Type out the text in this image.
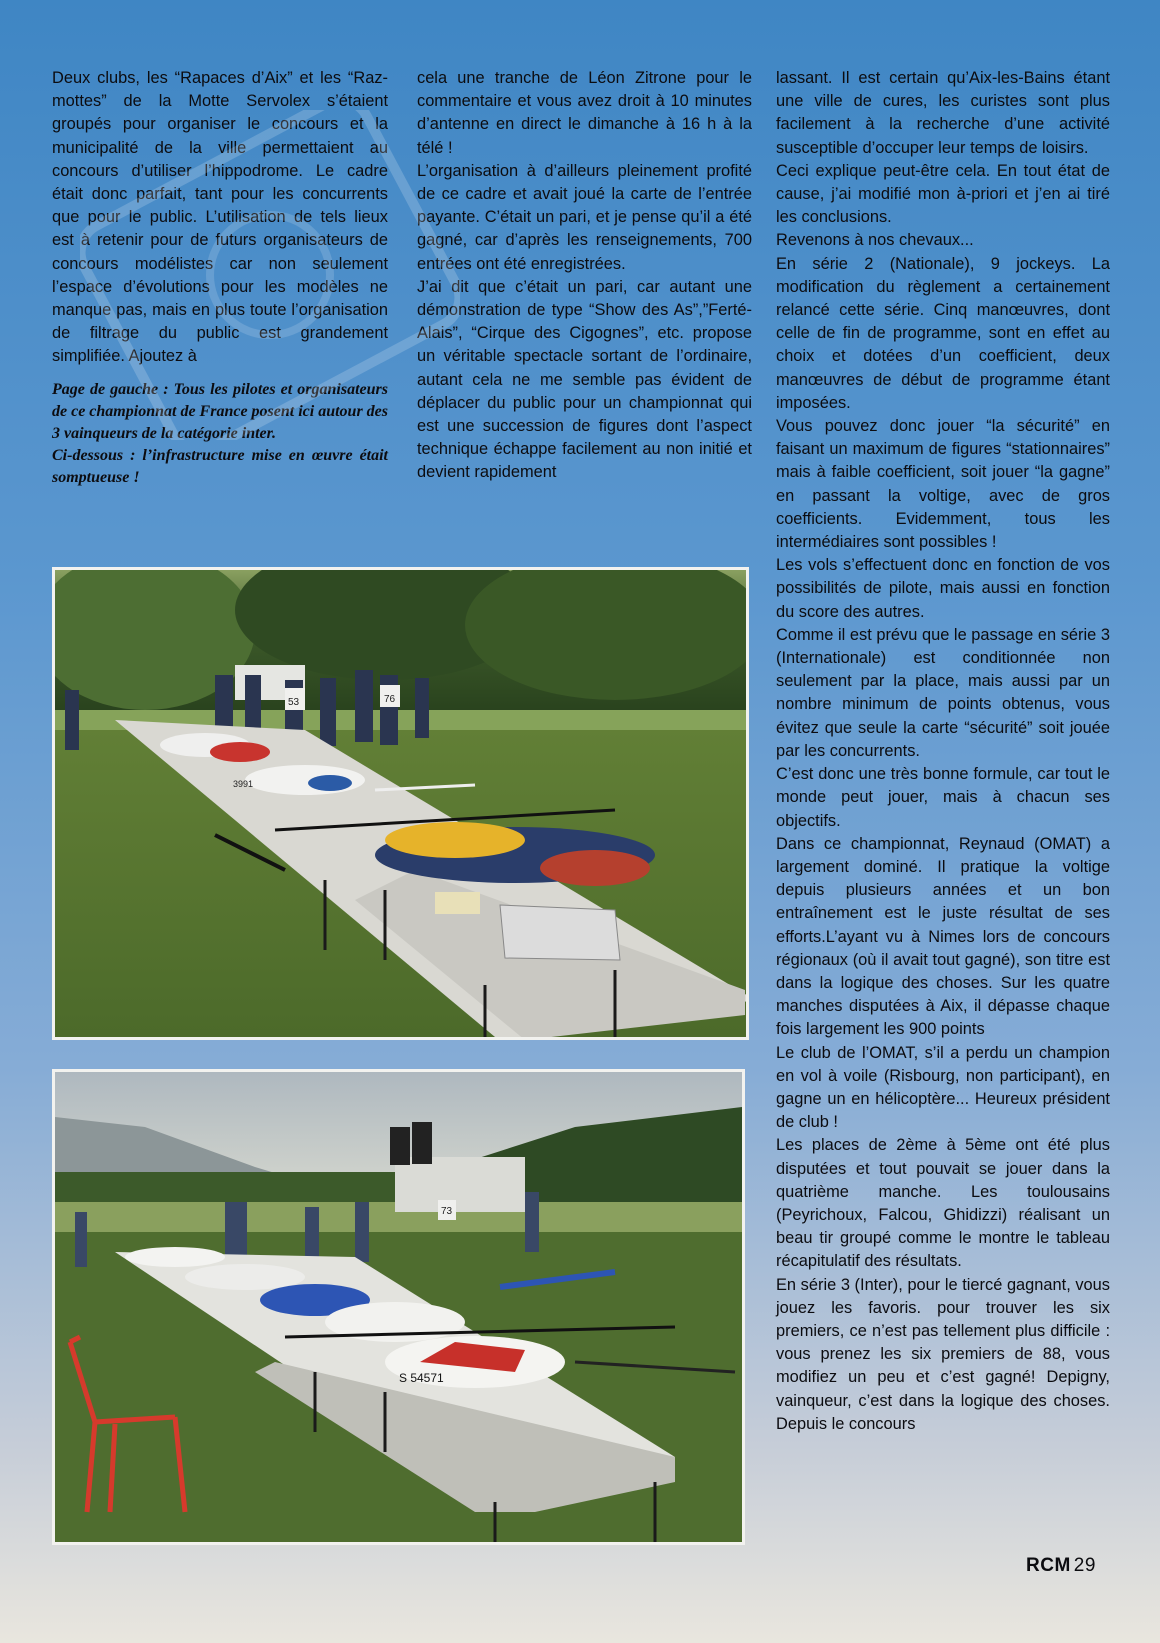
Deux clubs, les “Rapaces d’Aix” et les “Raz-mottes” de la Motte Servolex s’étaient groupés pour organiser le concours et la municipalité de la ville permettaient au concours d’utiliser l’hippodrome. Le cadre était donc parfait, tant pour les concurrents que pour le public. L’utilisation de tels lieux est à retenir pour de futurs organisateurs de concours modélistes car non seulement l’espace d’évolutions pour les modèles ne manque pas, mais en plus toute l’organisation de filtrage du public est grandement simplifiée. Ajoutez à

Page de gauche : Tous les pilotes et organisateurs de ce championnat de France posent ici autour des 3 vainqueurs de la catégorie inter.

Ci-dessous : l’infrastructure mise en œuvre était somptueuse !

cela une tranche de Léon Zitrone pour le commentaire et vous avez droit à 10 minutes d’antenne en direct le dimanche à 16 h à la télé !

L’organisation à d’ailleurs pleinement profité de ce cadre et avait joué la carte de l’entrée payante. C’était un pari, et je pense qu’il a été gagné, car d’après les renseignements, 700 entrées ont été enregistrées.

J’ai dit que c’était un pari, car autant une démonstration de type “Show des As”,”Ferté-Alais”, “Cirque des Cigognes”, etc. propose un véritable spectacle sortant de l’ordinaire, autant cela ne me semble pas évident de déplacer du public pour un championnat qui est une succession de figures dont l’aspect technique échappe facilement au non initié et devient rapidement

lassant. Il est certain qu’Aix-les-Bains étant une ville de cures, les curistes sont plus facilement à la recherche d’une activité susceptible d’occuper leur temps de loisirs.

Ceci explique peut-être cela. En tout état de cause, j’ai modifié mon à-priori et j’en ai tiré les conclusions.

Revenons à nos chevaux...

En série 2 (Nationale), 9 jockeys. La modification du règlement a certainement relancé cette série. Cinq manœuvres, dont celle de fin de programme, sont en effet au choix et dotées d’un coefficient, deux manœuvres de début de programme étant imposées.

Vous pouvez donc jouer “la sécurité” en faisant un maximum de figures “stationnaires” mais à faible coefficient, soit jouer “la gagne” en passant la voltige, avec de gros coefficients. Evidemment, tous les intermédiaires sont possibles !

Les vols s’effectuent donc en fonction de vos possibilités de pilote, mais aussi en fonction du score des autres.

Comme il est prévu que le passage en série 3 (Internationale) est conditionnée non seulement par la place, mais aussi par un nombre minimum de points obtenus, vous évitez que seule la carte “sécurité” soit jouée par les concurrents.

C’est donc une très bonne formule, car tout le monde peut jouer, mais à chacun ses objectifs.

Dans ce championnat, Reynaud (OMAT) a largement dominé. Il pratique la voltige depuis plusieurs années et un bon entraînement est le juste résultat de ses efforts.L’ayant vu à Nimes lors de concours régionaux (où il avait tout gagné), son titre est dans la logique des choses. Sur les quatre manches disputées à Aix, il dépasse chaque fois largement les 900 points

Le club de l’OMAT, s’il a perdu un champion en vol à voile (Risbourg, non participant), en gagne un en hélicoptère... Heureux président de club !

Les places de 2ème à 5ème ont été plus disputées et tout pouvait se jouer dans la quatrième manche. Les toulousains (Peyrichoux, Falcou, Ghidizzi) réalisant un beau tir groupé comme le montre le tableau récapitulatif des résultats.

En série 3 (Inter), pour le tiercé gagnant, vous jouez les favoris. pour trouver les six premiers, ce n’est pas tellement plus difficile : vous prenez les six premiers de 88, vous modifiez un peu et c’est gagné! Depigny, vainqueur, c’est dans la logique des choses. Depuis le concours

53	76
3991
73
S 54571
RCM 29
